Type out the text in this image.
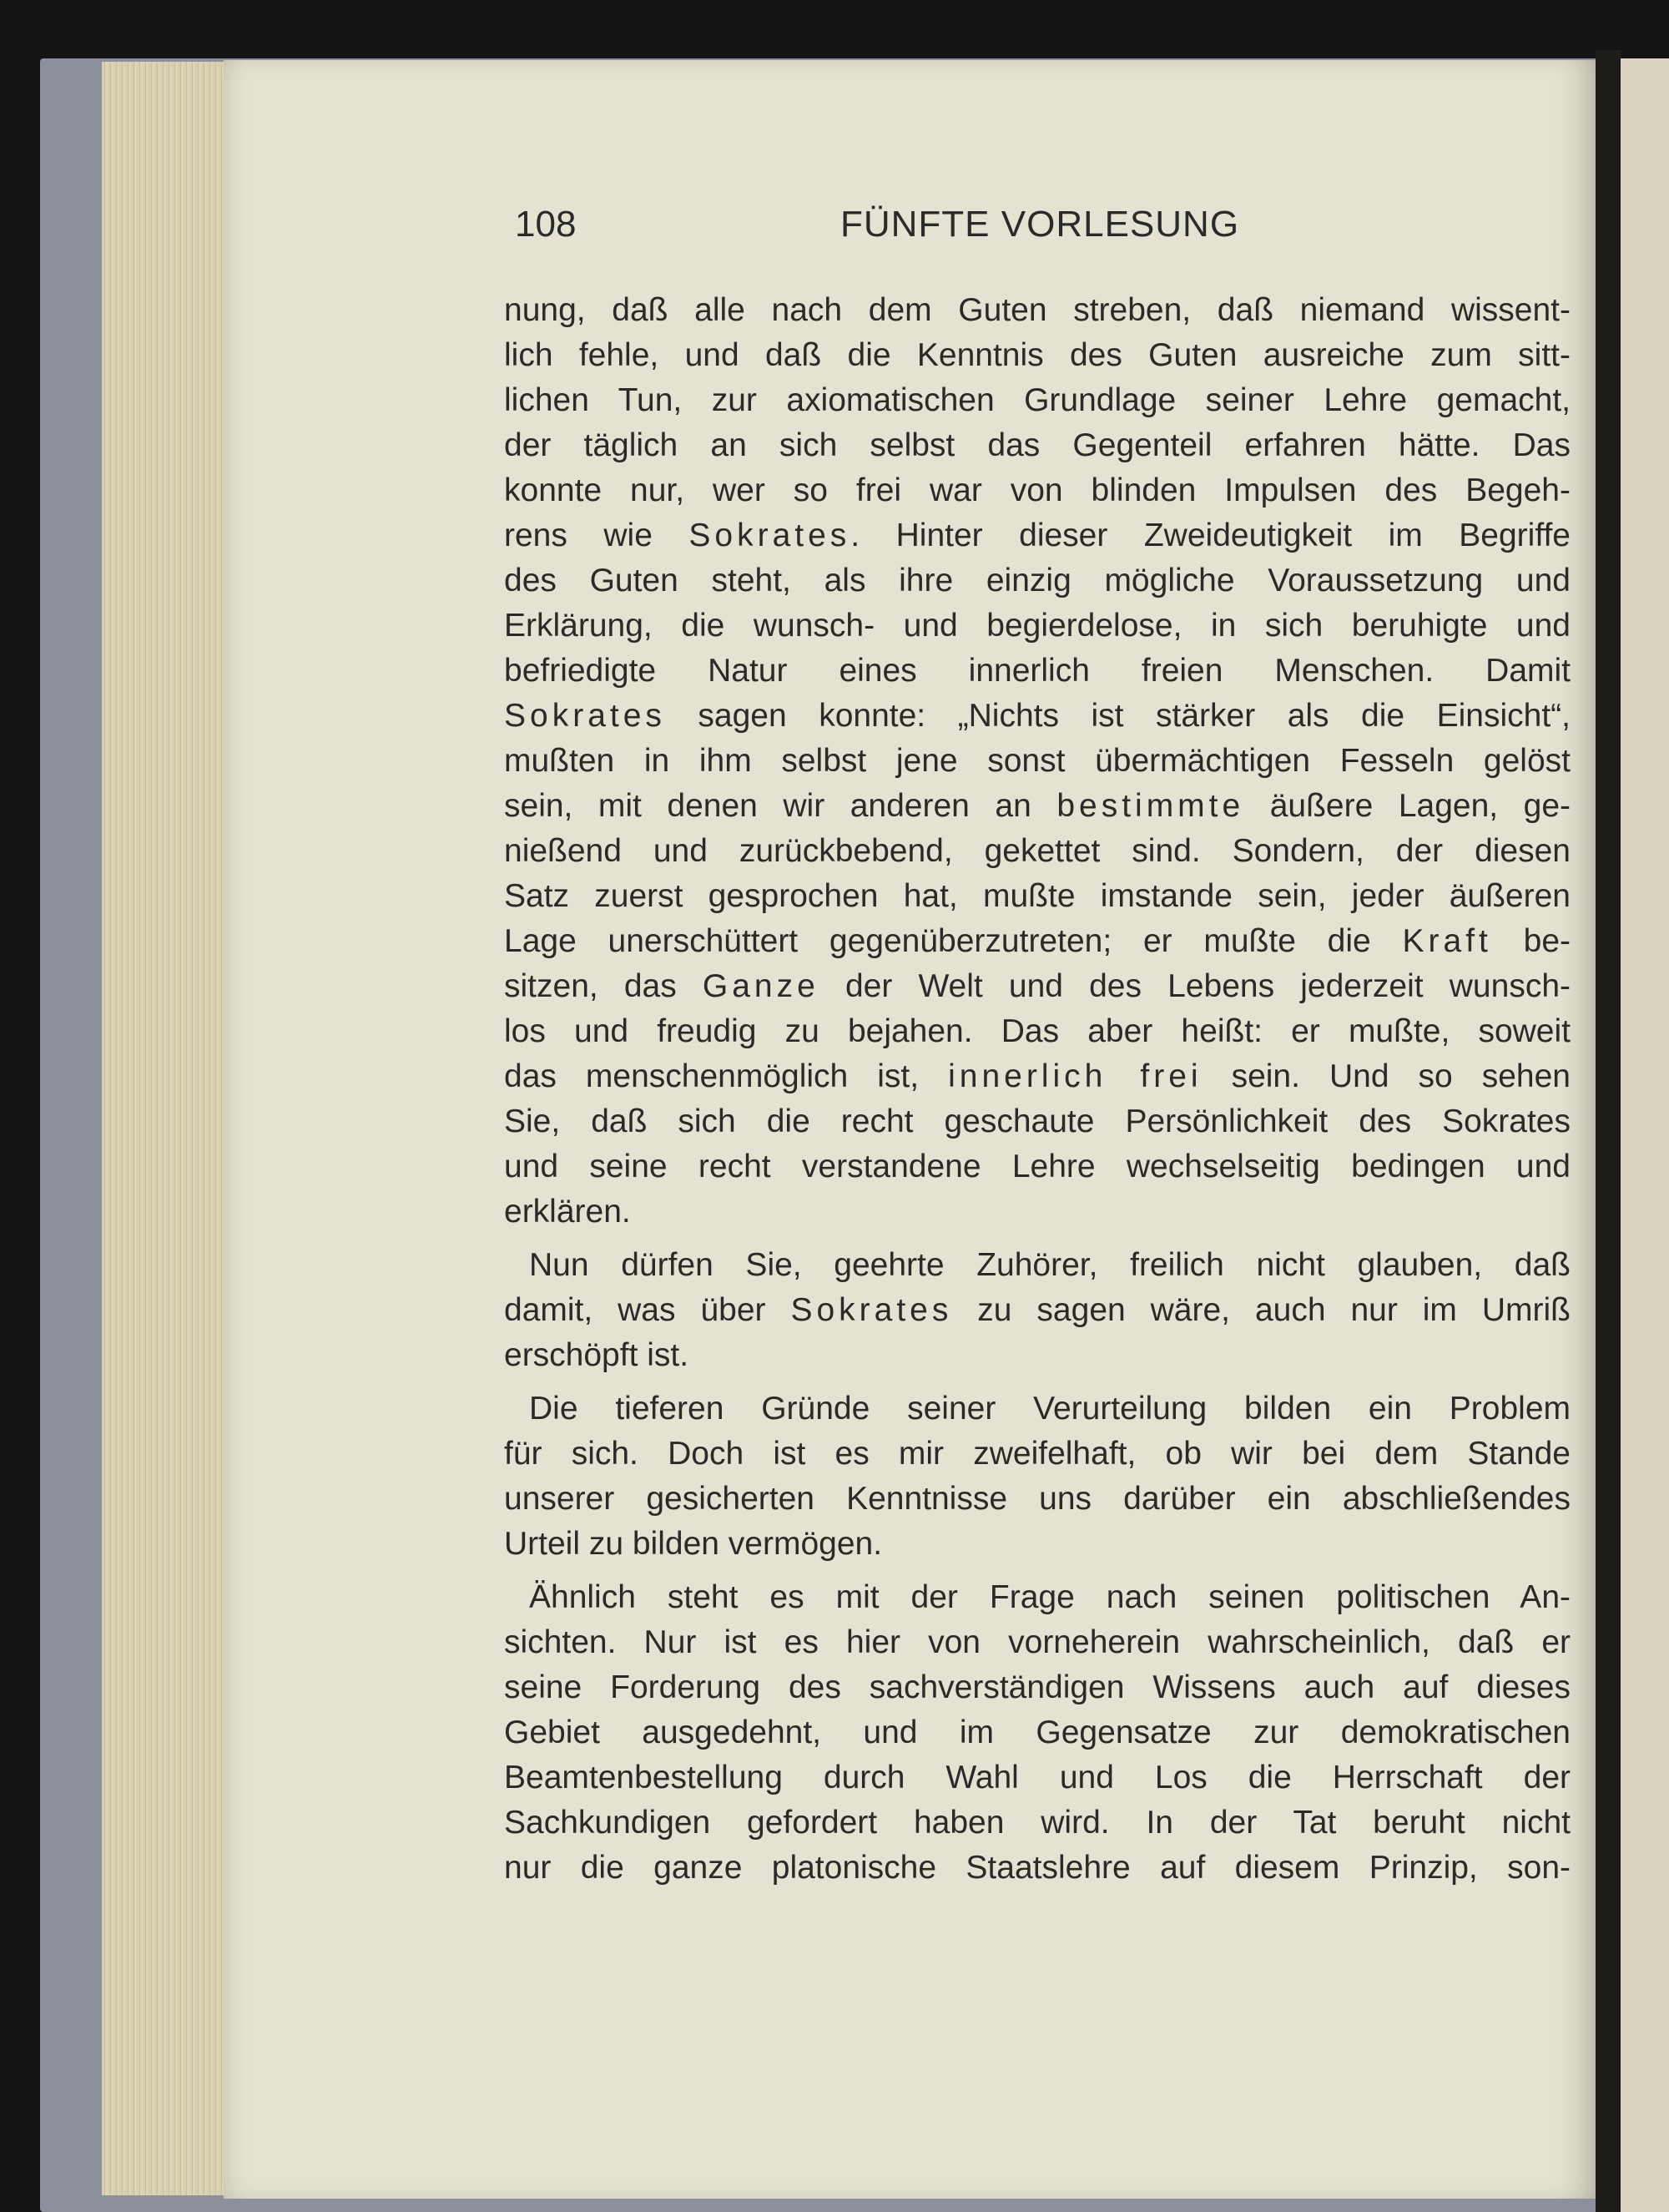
108	FÜNFTE VORLESUNG
nung, daß alle nach dem Guten streben, daß niemand wissent-
lich fehle, und daß die Kenntnis des Guten ausreiche zum sitt-
lichen Tun, zur axiomatischen Grundlage seiner Lehre gemacht,
der täglich an sich selbst das Gegenteil erfahren hätte. Das
konnte nur, wer so frei war von blinden Impulsen des Begeh-
rens wie Sokrates. Hinter dieser Zweideutigkeit im Begriffe
des Guten steht, als ihre einzig mögliche Voraussetzung und
Erklärung, die wunsch- und begierdelose, in sich beruhigte und
befriedigte Natur eines innerlich freien Menschen. Damit
Sokrates sagen konnte: „Nichts ist stärker als die Einsicht“,
mußten in ihm selbst jene sonst übermächtigen Fesseln gelöst
sein, mit denen wir anderen an bestimmte äußere Lagen, ge-
nießend und zurückbebend, gekettet sind. Sondern, der diesen
Satz zuerst gesprochen hat, mußte imstande sein, jeder äußeren
Lage unerschüttert gegenüberzutreten; er mußte die Kraft be-
sitzen, das Ganze der Welt und des Lebens jederzeit wunsch-
los und freudig zu bejahen. Das aber heißt: er mußte, soweit
das menschenmöglich ist, innerlich frei sein. Und so sehen
Sie, daß sich die recht geschaute Persönlichkeit des Sokrates
und seine recht verstandene Lehre wechselseitig bedingen und
erklären.
Nun dürfen Sie, geehrte Zuhörer, freilich nicht glauben, daß
damit, was über Sokrates zu sagen wäre, auch nur im Umriß
erschöpft ist.
Die tieferen Gründe seiner Verurteilung bilden ein Problem
für sich. Doch ist es mir zweifelhaft, ob wir bei dem Stande
unserer gesicherten Kenntnisse uns darüber ein abschließendes
Urteil zu bilden vermögen.
Ähnlich steht es mit der Frage nach seinen politischen An-
sichten. Nur ist es hier von vorneherein wahrscheinlich, daß er
seine Forderung des sachverständigen Wissens auch auf dieses
Gebiet ausgedehnt, und im Gegensatze zur demokratischen
Beamtenbestellung durch Wahl und Los die Herrschaft der
Sachkundigen gefordert haben wird. In der Tat beruht nicht
nur die ganze platonische Staatslehre auf diesem Prinzip, son-
